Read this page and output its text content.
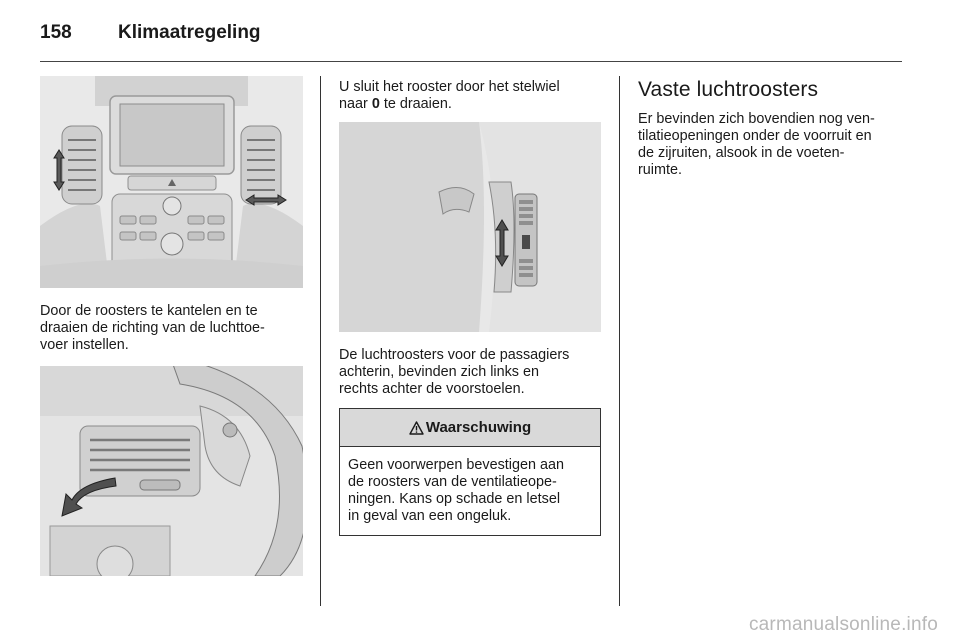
158	Klimaatregeling
Door de roosters te kantelen en te
draaien de richting van de luchttoe-
voer instellen.
U sluit het rooster door het stelwiel
naar 0 te draaien.
De luchtroosters voor de passagiers
achterin, bevinden zich links en
rechts achter de voorstoelen.
Waarschuwing
Geen voorwerpen bevestigen aan
de roosters van de ventilatieope-
ningen. Kans op schade en letsel
in geval van een ongeluk.
Vaste luchtroosters
Er bevinden zich bovendien nog ven-
tilatieopeningen onder de voorruit en
de zijruiten, alsook in de voeten-
ruimte.
carmanualsonline.info
